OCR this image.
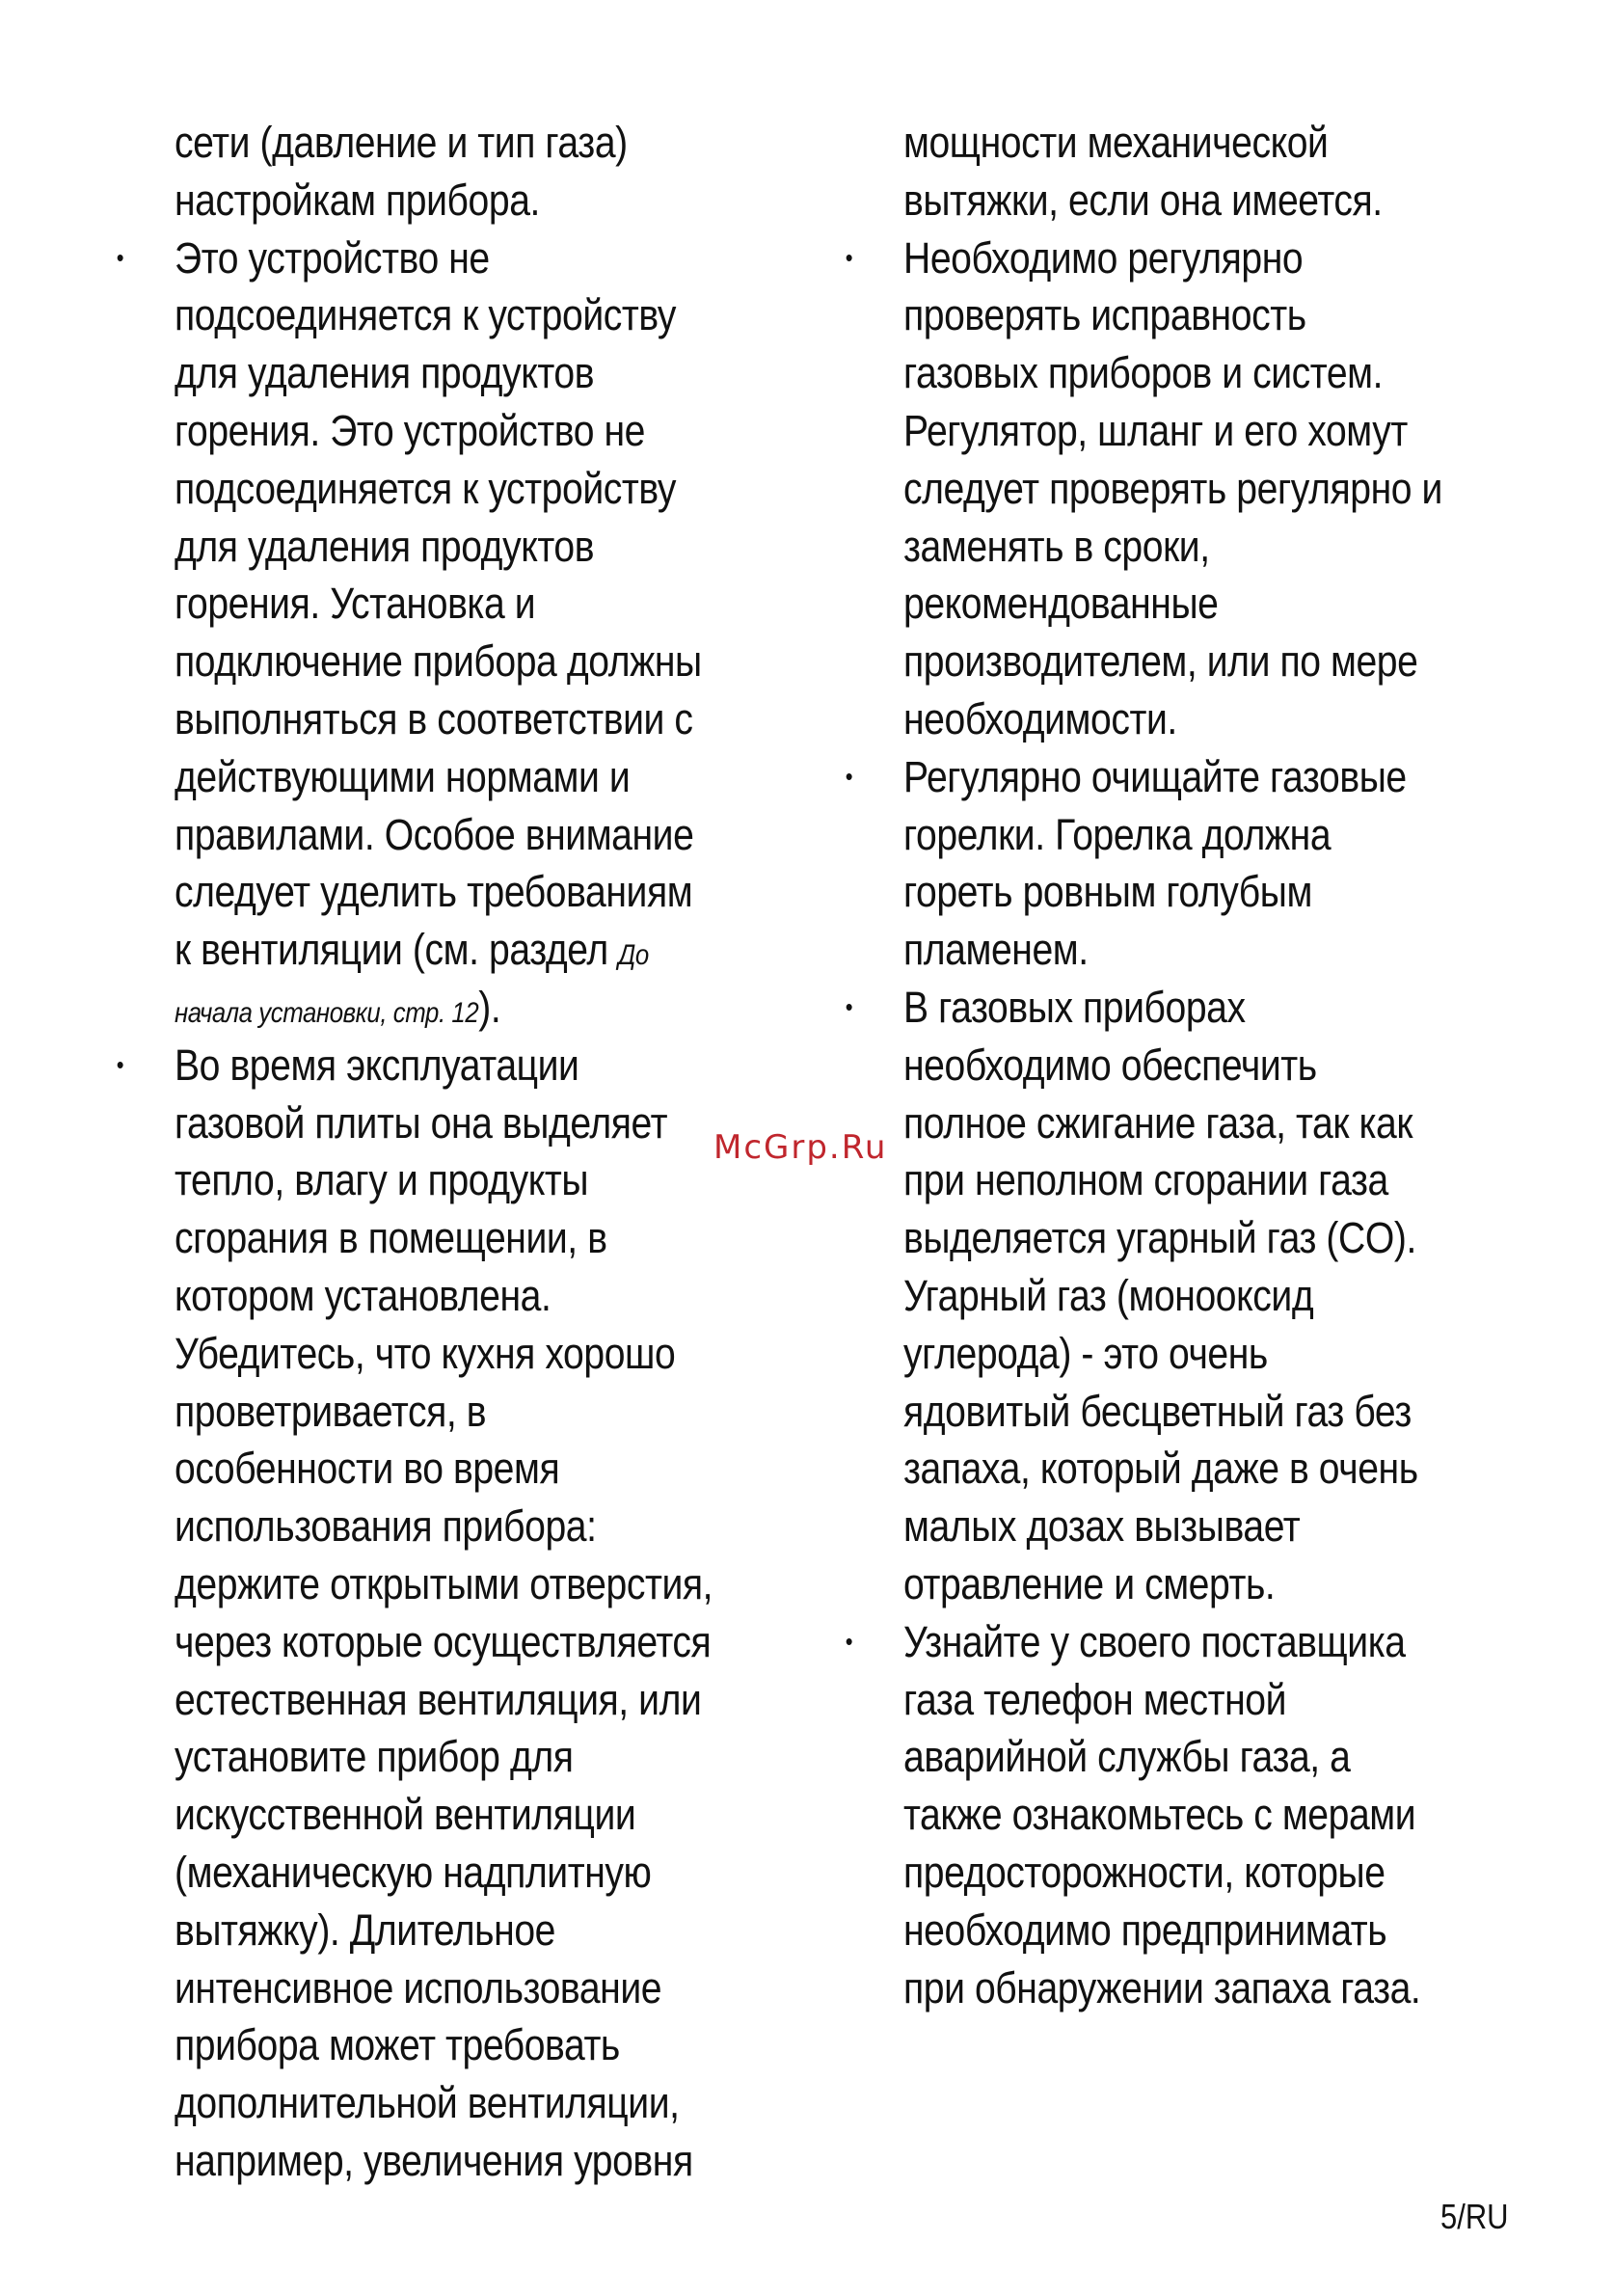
сети (давление и тип газа)
настройкам прибора.
• Это устройство не
подсоединяется к устройству
для удаления продуктов
горения. Это устройство не
подсоединяется к устройству
для удаления продуктов
горения. Установка и
подключение прибора должны
выполняться в соответствии с
действующими нормами и
правилами. Особое внимание
следует уделить требованиям
к вентиляции (см. раздел До
начала установки, стр. 12).
• Во время эксплуатации
газовой плиты она выделяет
тепло, влагу и продукты
сгорания в помещении, в
котором установлена.
Убедитесь, что кухня хорошо
проветривается, в
особенности во время
использования прибора:
держите открытыми отверстия,
через которые осуществляется
естественная вентиляция, или
установите прибор для
искусственной вентиляции
(механическую надплитную
вытяжку). Длительное
интенсивное использование
прибора может требовать
дополнительной вентиляции,
например, увеличения уровня
мощности механической
вытяжки, если она имеется.
• Необходимо регулярно
проверять исправность
газовых приборов и систем.
Регулятор, шланг и его хомут
следует проверять регулярно и
заменять в сроки,
рекомендованные
производителем, или по мере
необходимости.
• Регулярно очищайте газовые
горелки. Горелка должна
гореть ровным голубым
пламенем.
• В газовых приборах
необходимо обеспечить
полное сжигание газа, так как
при неполном сгорании газа
выделяется угарный газ (CO).
Угарный газ (монооксид
углерода) - это очень
ядовитый бесцветный газ без
запаха, который даже в очень
малых дозах вызывает
отравление и смерть.
• Узнайте у своего поставщика
газа телефон местной
аварийной службы газа, а
также ознакомьтесь с мерами
предосторожности, которые
необходимо предпринимать
при обнаружении запаха газа.
McGrp.Ru
5/RU
